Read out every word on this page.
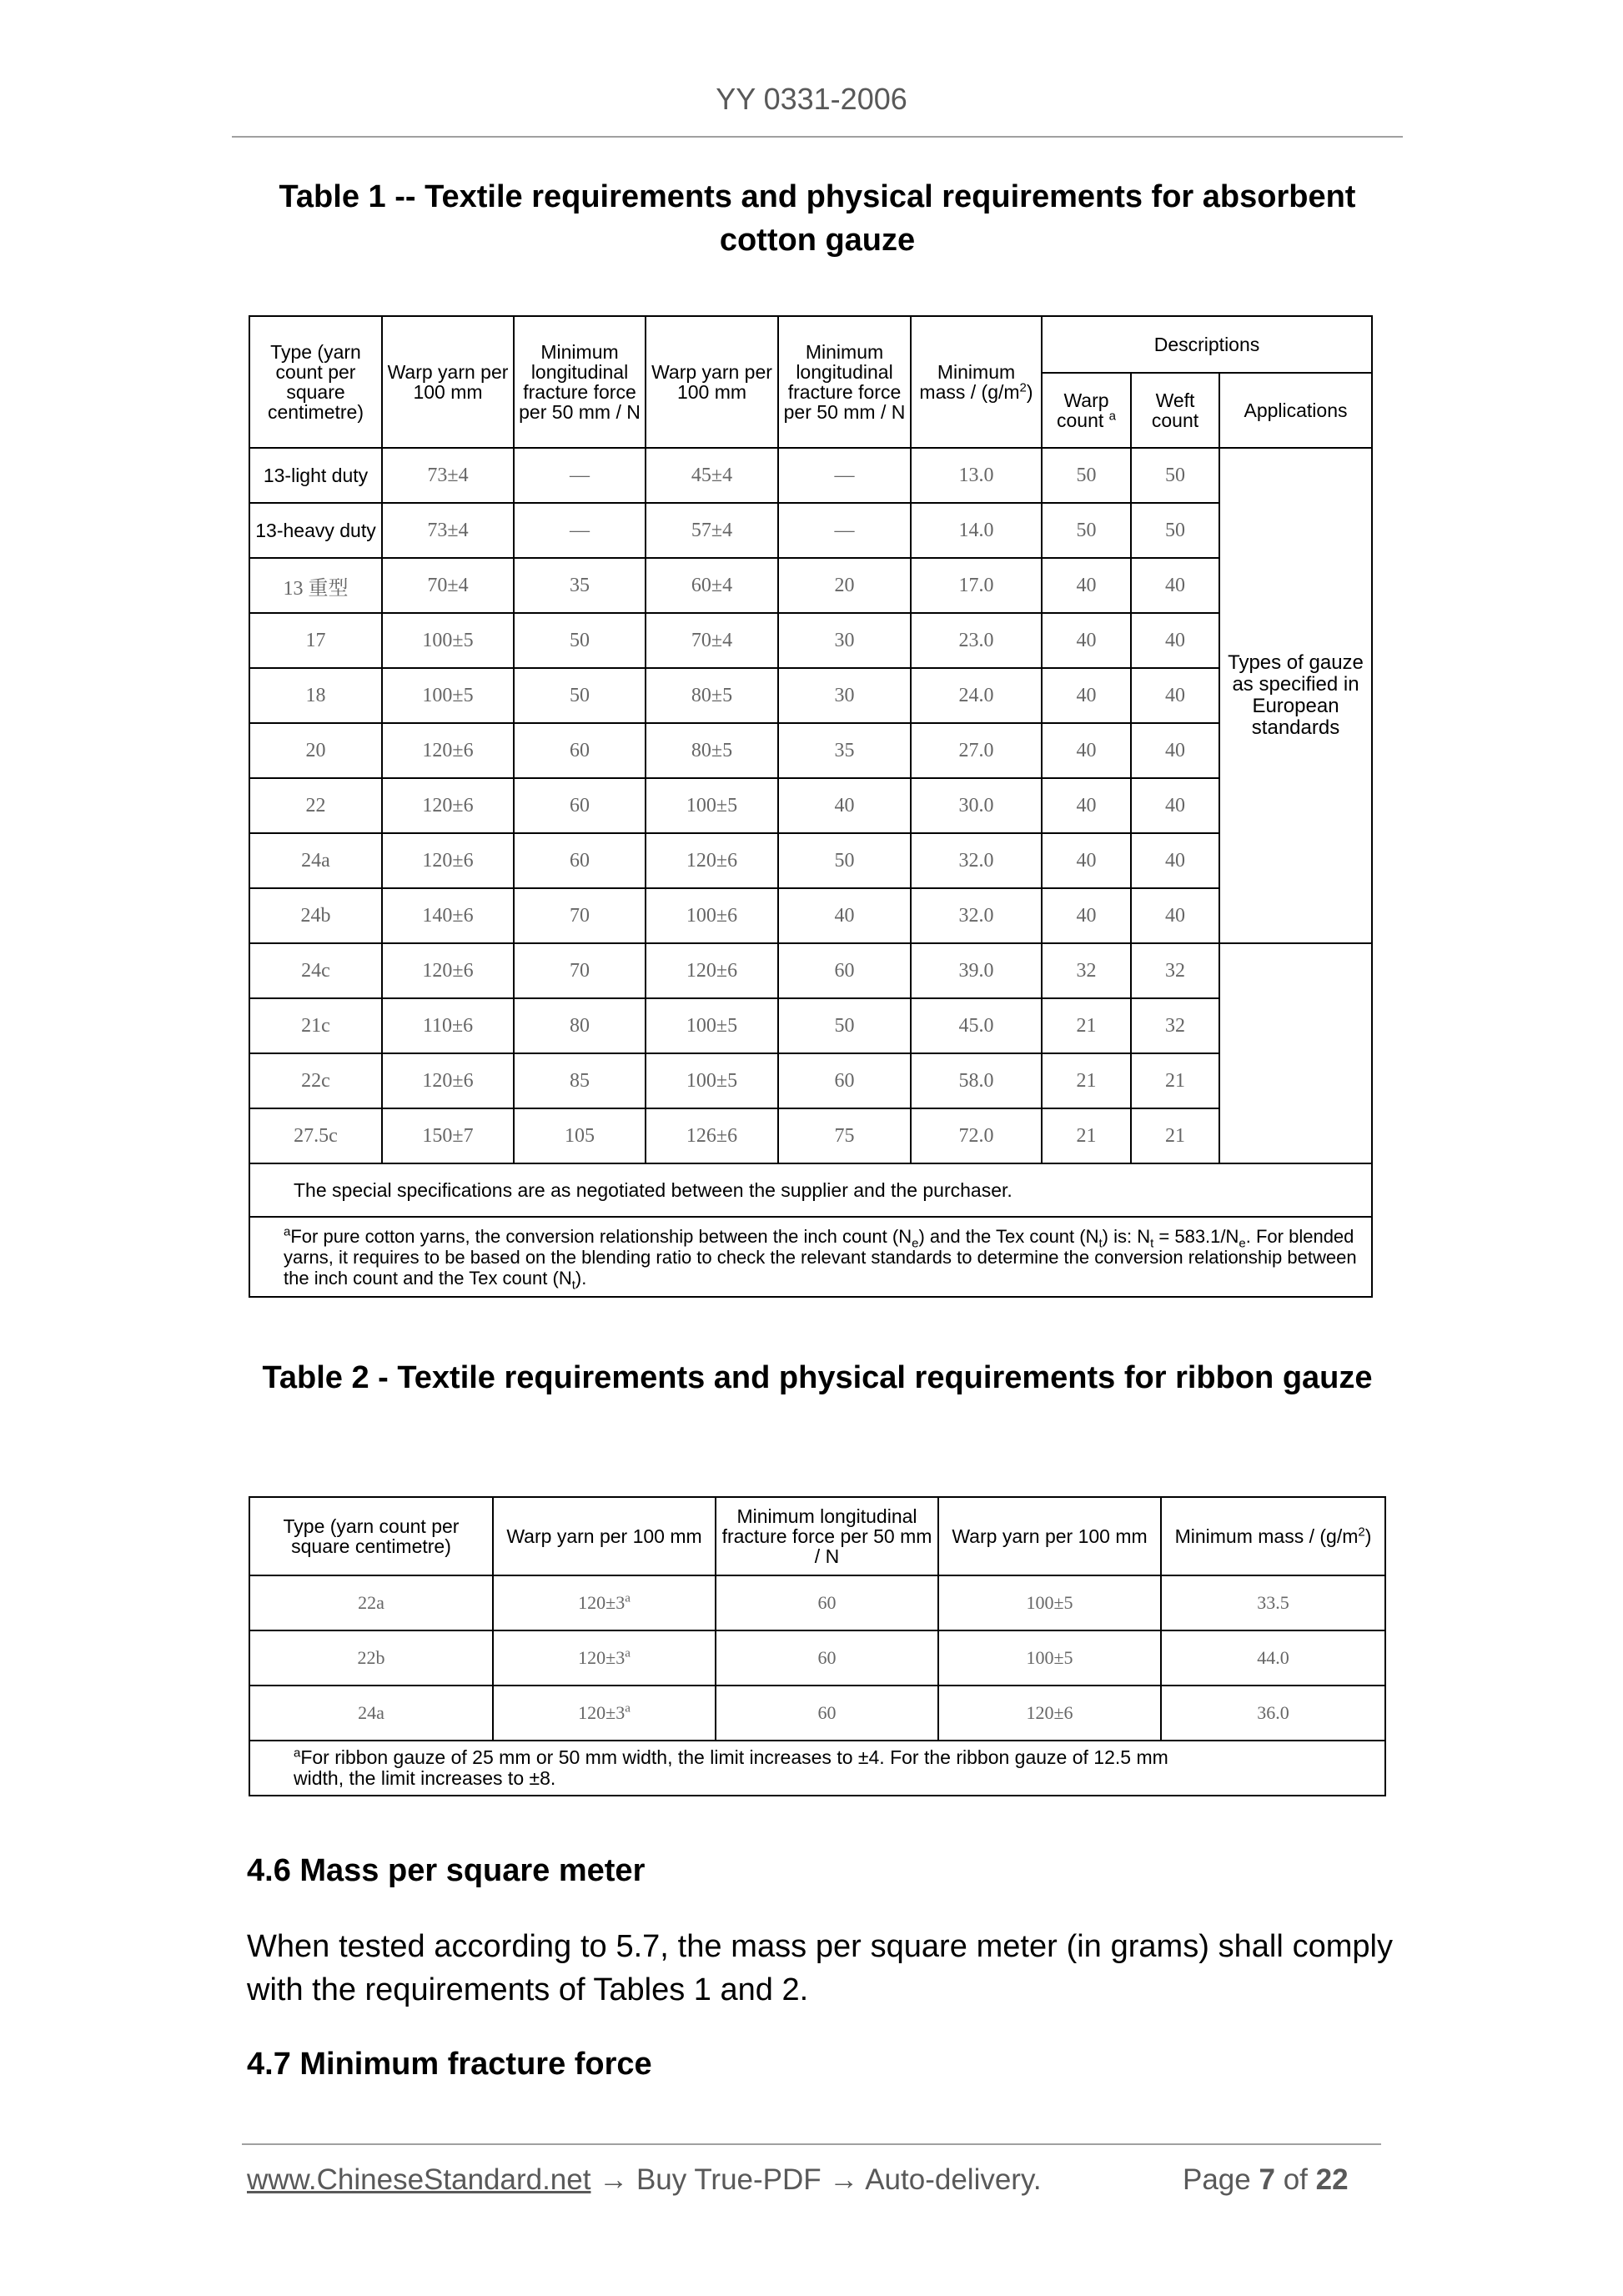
YY 0331-2006
Table 1 -- Textile requirements and physical requirements for absorbent cotton gauze
Type (yarn count per square centimetre)	Warp yarn per 100 mm	Minimum longitudinal fracture force per 50 mm / N	Warp yarn per 100 mm	Minimum longitudinal fracture force per 50 mm / N	Minimum mass / $(g/m^2)$	Descriptions		
						Warp count $^a$	Weft count	Applications
13-light duty	73±4	—	45±4	—	13.0	50	50	Types of gauze as specified in European standards
13-heavy duty	73±4	—	57±4	—	14.0	50	50	
13 重型	70±4	35	60±4	20	17.0	40	40	
17	100±5	50	70±4	30	23.0	40	40	
18	100±5	50	80±5	30	24.0	40	40	
20	120±6	60	80±5	35	27.0	40	40	
22	120±6	60	100±5	40	30.0	40	40	
24a	120±6	60	120±6	50	32.0	40	40	
24b	140±6	70	100±6	40	32.0	40	40	
24c	120±6	70	120±6	60	39.0	32	32	
21c	110±6	80	100±5	50	45.0	21	32	
22c	120±6	85	100±5	60	58.0	21	21	
27.5c	150±7	105	126±6	75	72.0	21	21	
The special specifications are as negotiated between the supplier and the purchaser.								
$^a$For pure cotton yarns, the conversion relationship between the inch count $(N_e)$ and the Tex count $(N_t)$ is: $N_t = 583.1/N_e$. For blended yarns, it requires to be based on the blending ratio to check the relevant standards to determine the conversion relationship between the inch count and the Tex count $(N_t)$.								
Table 2 - Textile requirements and physical requirements for ribbon gauze
Type (yarn count per square centimetre)	Warp yarn per 100 mm	Minimum longitudinal fracture force per 50 mm / N	Warp yarn per 100 mm	Minimum mass / $(g/m^2)$
22a	$120\pm 3^a$	60	100±5	33.5
22b	$120\pm 3^a$	60	100±5	44.0
24a	$120\pm 3^a$	60	120±6	36.0
$^a$For ribbon gauze of 25 mm or 50 mm width, the limit increases to ±4. For the ribbon gauze of 12.5 mm width, the limit increases to ±8.				
4.6 Mass per square meter
When tested according to 5.7, the mass per square meter (in grams) shall comply with the requirements of Tables 1 and 2.
4.7 Minimum fracture force
www.ChineseStandard.net → Buy True-PDF → Auto-delivery.	Page 7 of 22
